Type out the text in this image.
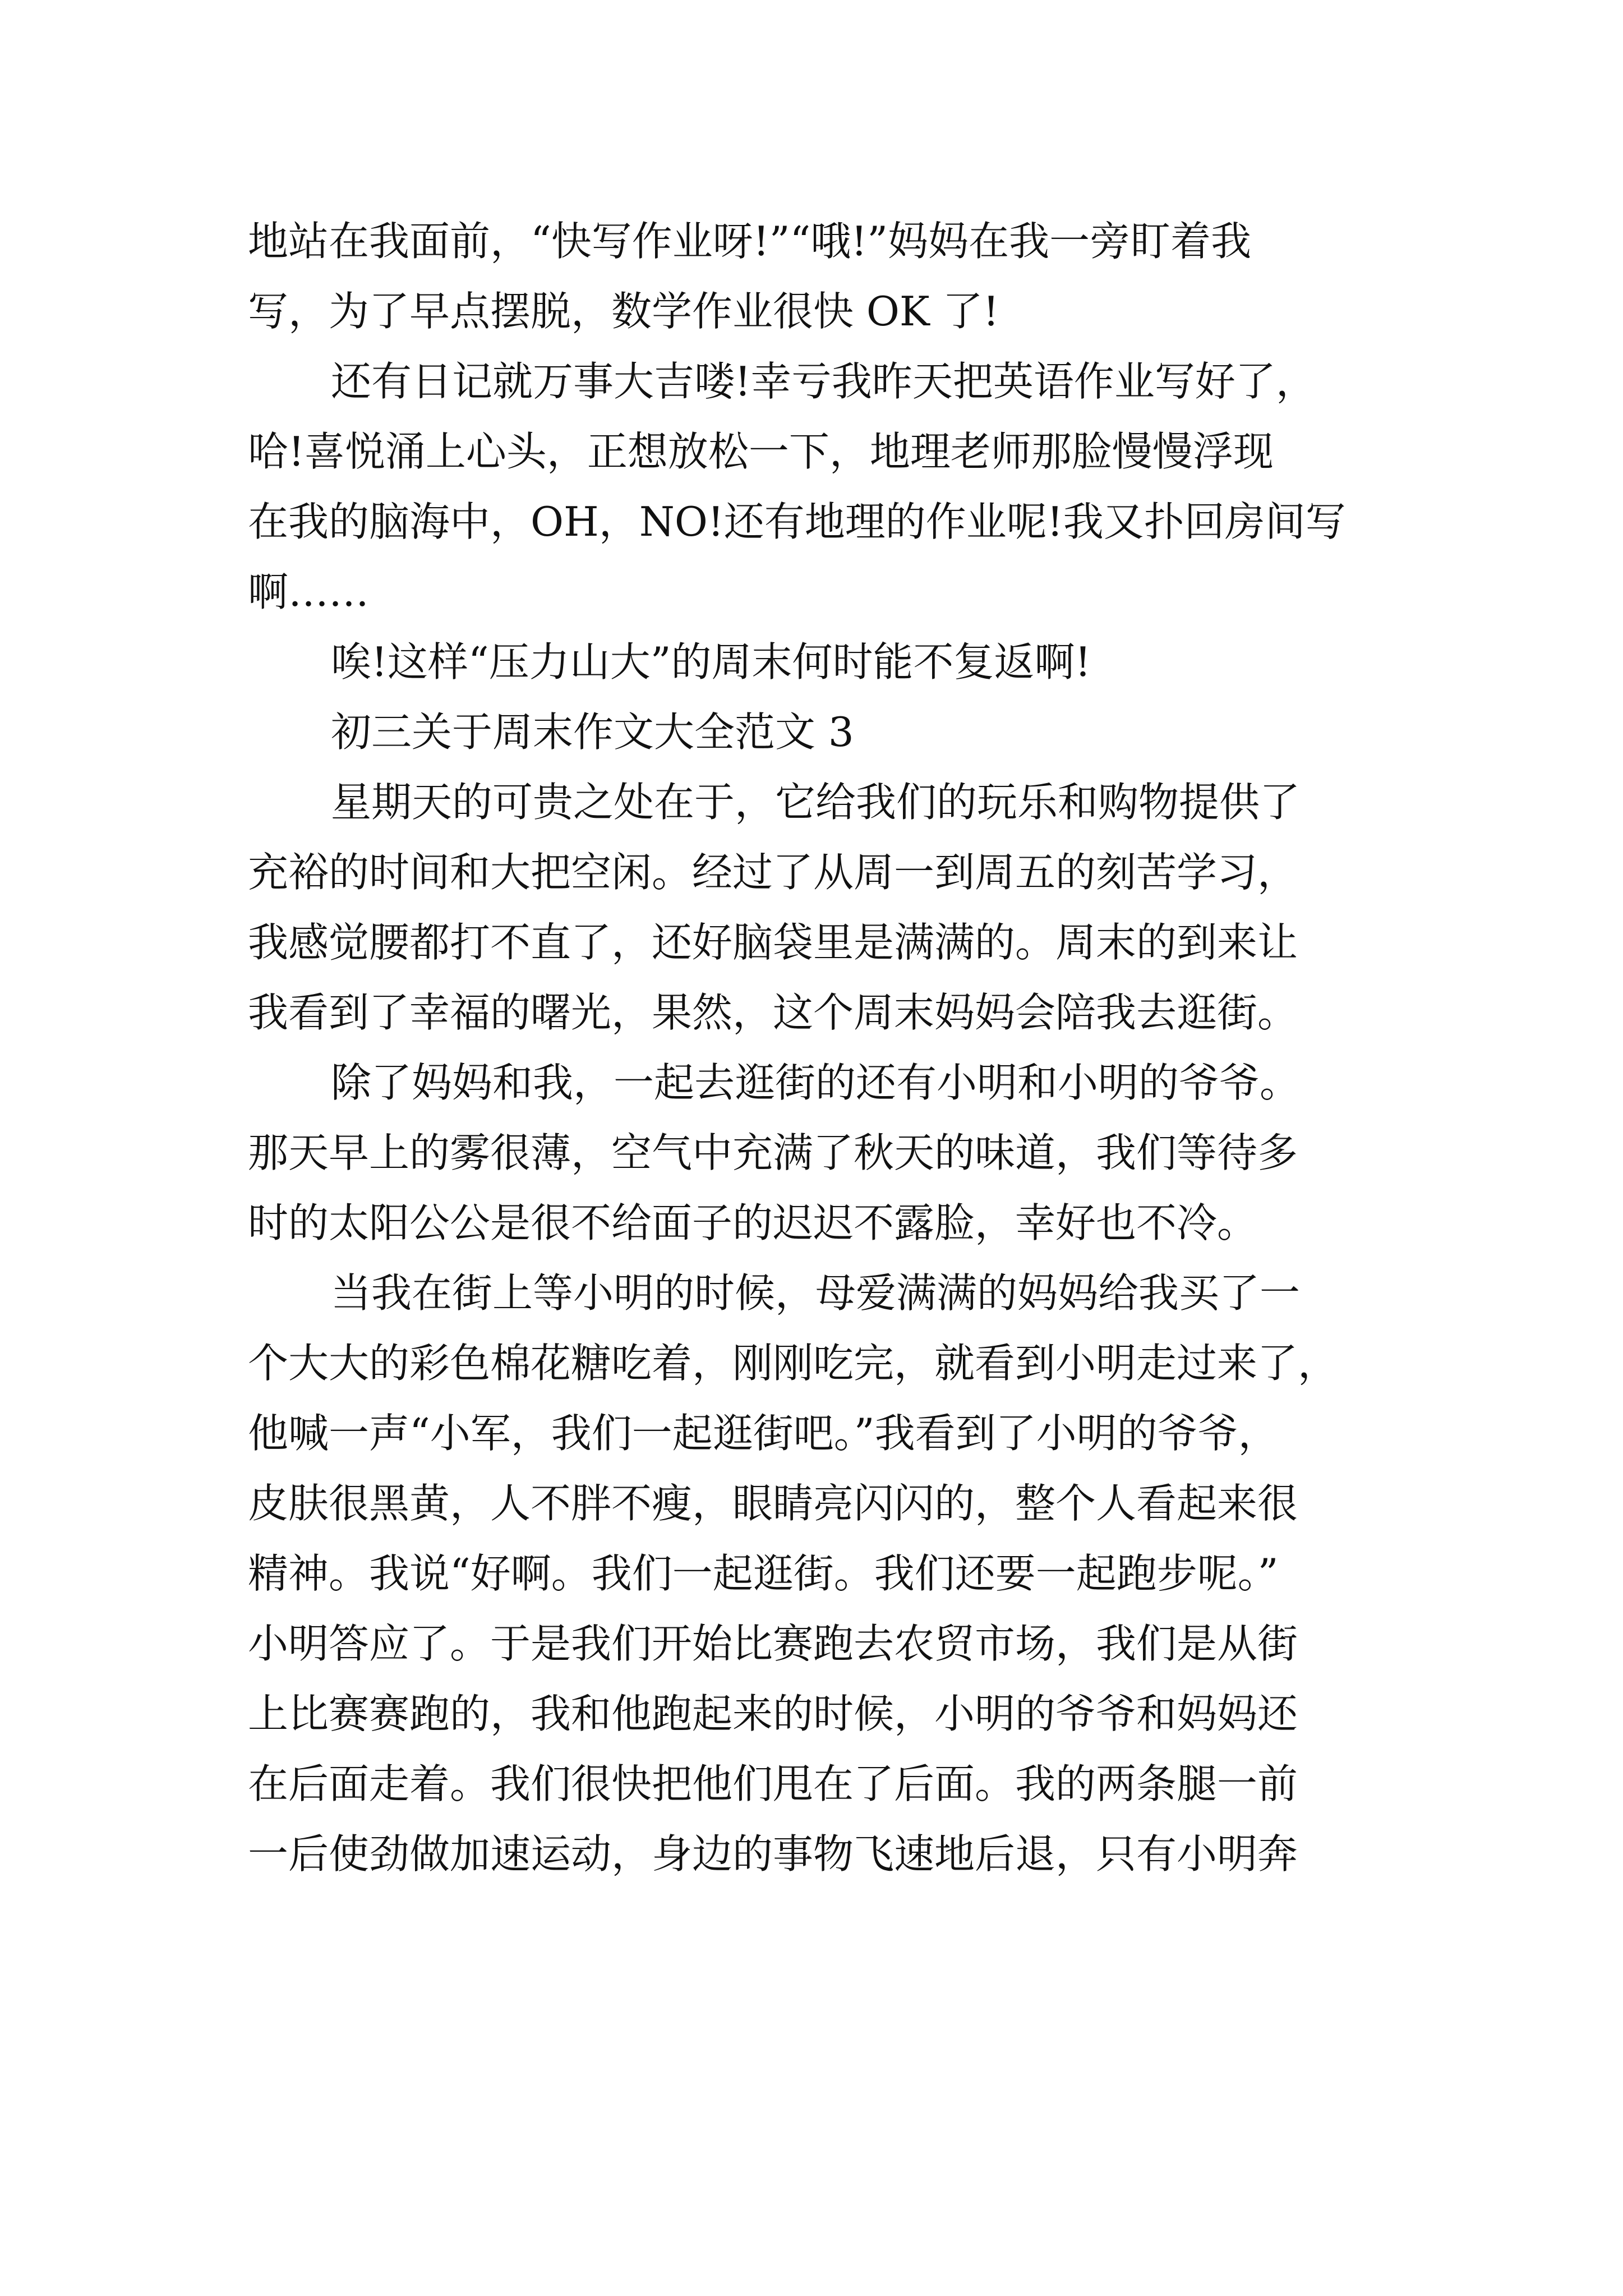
地站在我面前，“快写作业呀!”“哦!”妈妈在我一旁盯着我
写，为了早点摆脱，数学作业很快 OK 了!
还有日记就万事大吉喽!幸亏我昨天把英语作业写好了，
哈!喜悦涌上心头，正想放松一下，地理老师那脸慢慢浮现
在我的脑海中，OH，NO!还有地理的作业呢!我又扑回房间写
啊……
唉!这样“压力山大”的周末何时能不复返啊!
初三关于周末作文大全范文 3
星期天的可贵之处在于，它给我们的玩乐和购物提供了
充裕的时间和大把空闲。经过了从周一到周五的刻苦学习，
我感觉腰都打不直了，还好脑袋里是满满的。周末的到来让
我看到了幸福的曙光，果然，这个周末妈妈会陪我去逛街。
除了妈妈和我，一起去逛街的还有小明和小明的爷爷。
那天早上的雾很薄，空气中充满了秋天的味道，我们等待多
时的太阳公公是很不给面子的迟迟不露脸，幸好也不冷。
当我在街上等小明的时候，母爱满满的妈妈给我买了一
个大大的彩色棉花糖吃着，刚刚吃完，就看到小明走过来了，
他喊一声“小军，我们一起逛街吧。”我看到了小明的爷爷，
皮肤很黑黄，人不胖不瘦，眼睛亮闪闪的，整个人看起来很
精神。我说“好啊。我们一起逛街。我们还要一起跑步呢。”
小明答应了。于是我们开始比赛跑去农贸市场，我们是从街
上比赛赛跑的，我和他跑起来的时候，小明的爷爷和妈妈还
在后面走着。我们很快把他们甩在了后面。我的两条腿一前
一后使劲做加速运动，身边的事物飞速地后退，只有小明奔
